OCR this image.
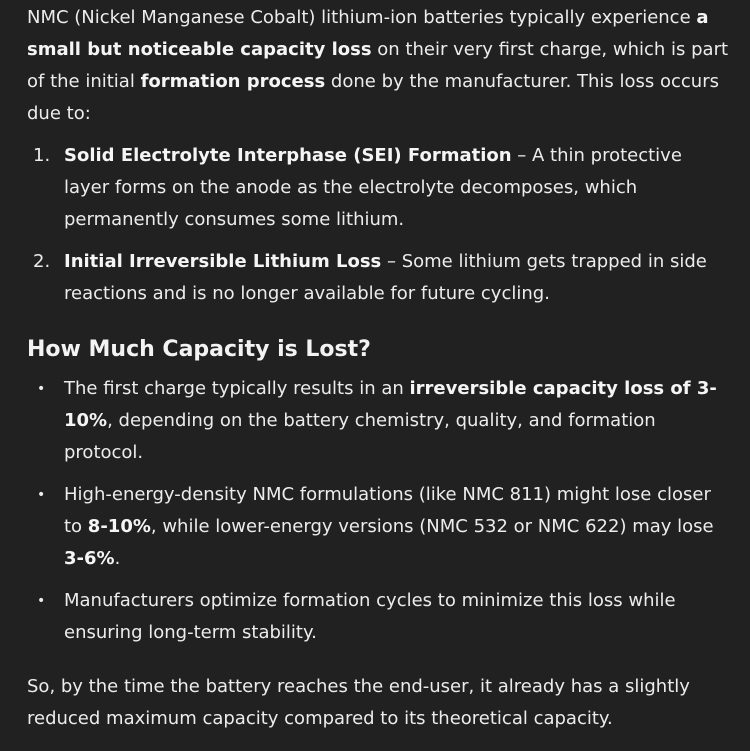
NMC (Nickel Manganese Cobalt) lithium-ion batteries typically experience a small but noticeable capacity loss on their very first charge, which is part of the initial formation process done by the manufacturer. This loss occurs due to:

1. Solid Electrolyte Interphase (SEI) Formation – A thin protective layer forms on the anode as the electrolyte decomposes, which permanently consumes some lithium.
2. Initial Irreversible Lithium Loss – Some lithium gets trapped in side reactions and is no longer available for future cycling.
How Much Capacity is Lost?
• The first charge typically results in an irreversible capacity loss of 3-10%, depending on the battery chemistry, quality, and formation protocol.
• High-energy-density NMC formulations (like NMC 811) might lose closer to 8-10%, while lower-energy versions (NMC 532 or NMC 622) may lose 3-6%.
• Manufacturers optimize formation cycles to minimize this loss while ensuring long-term stability.

So, by the time the battery reaches the end-user, it already has a slightly reduced maximum capacity compared to its theoretical capacity.
